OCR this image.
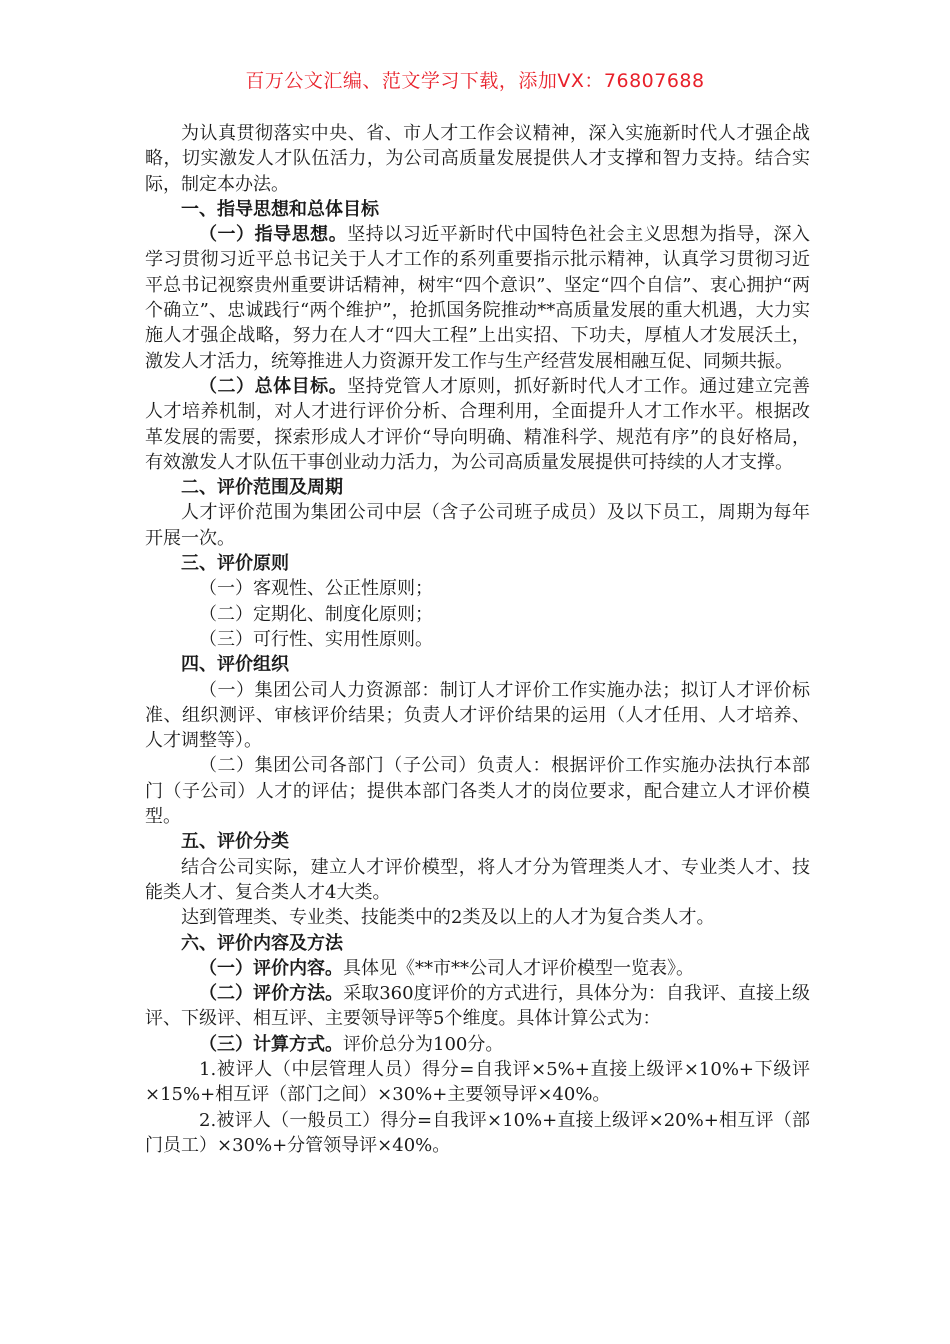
百万公文汇编、范文学习下载，添加VX：76807688

为认真贯彻落实中央、省、市人才工作会议精神，深入实施新时代人才强企战略，切实激发人才队伍活力，为公司高质量发展提供人才支撑和智力支持。结合实际，制定本办法。

一、指导思想和总体目标

（一）指导思想。坚持以习近平新时代中国特色社会主义思想为指导，深入学习贯彻习近平总书记关于人才工作的系列重要指示批示精神，认真学习贯彻习近平总书记视察贵州重要讲话精神，树牢“四个意识”、坚定“四个自信”、衷心拥护“两个确立”、忠诚践行“两个维护”，抢抓国务院推动**高质量发展的重大机遇，大力实施人才强企战略，努力在人才“四大工程”上出实招、下功夫，厚植人才发展沃土，激发人才活力，统筹推进人力资源开发工作与生产经营发展相融互促、同频共振。

（二）总体目标。坚持党管人才原则，抓好新时代人才工作。通过建立完善人才培养机制，对人才进行评价分析、合理利用，全面提升人才工作水平。根据改革发展的需要，探索形成人才评价“导向明确、精准科学、规范有序”的良好格局，有效激发人才队伍干事创业动力活力，为公司高质量发展提供可持续的人才支撑。

二、评价范围及周期

人才评价范围为集团公司中层（含子公司班子成员）及以下员工，周期为每年开展一次。

三、评价原则

（一）客观性、公正性原则；

（二）定期化、制度化原则；

（三）可行性、实用性原则。

四、评价组织

（一）集团公司人力资源部：制订人才评价工作实施办法；拟订人才评价标准、组织测评、审核评价结果；负责人才评价结果的运用（人才任用、人才培养、人才调整等）。

（二）集团公司各部门（子公司）负责人：根据评价工作实施办法执行本部门（子公司）人才的评估；提供本部门各类人才的岗位要求，配合建立人才评价模型。

五、评价分类

结合公司实际，建立人才评价模型，将人才分为管理类人才、专业类人才、技能类人才、复合类人才4大类。

达到管理类、专业类、技能类中的2类及以上的人才为复合类人才。

六、评价内容及方法

（一）评价内容。具体见《**市**公司人才评价模型一览表》。

（二）评价方法。采取360度评价的方式进行，具体分为：自我评、直接上级评、下级评、相互评、主要领导评等5个维度。具体计算公式为：

（三）计算方式。评价总分为100分。

1.被评人（中层管理人员）得分=自我评×5%+直接上级评×10%+下级评×15%+相互评（部门之间）×30%+主要领导评×40%。

2.被评人（一般员工）得分=自我评×10%+直接上级评×20%+相互评（部门员工）×30%+分管领导评×40%。
